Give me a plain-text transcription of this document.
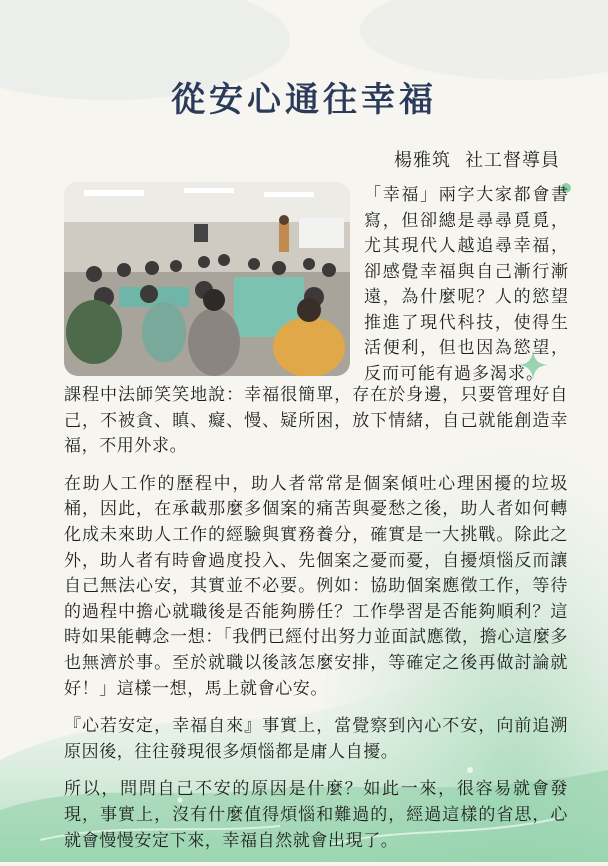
從安心通往幸福
楊雅筑 社工督導員
「幸福」兩字大家都會書寫，但卻總是尋尋覓覓，尤其現代人越追尋幸福，卻感覺幸福與自己漸行漸遠，為什麼呢？人的慾望推進了現代科技，使得生活便利，但也因為慾望，反而可能有過多渴求。

課程中法師笑笑地說：幸福很簡單，存在於身邊，只要管理好自己，不被貪、瞋、癡、慢、疑所困，放下情緒，自己就能創造幸福，不用外求。

在助人工作的歷程中，助人者常常是個案傾吐心理困擾的垃圾桶，因此，在承載那麼多個案的痛苦與憂愁之後，助人者如何轉化成未來助人工作的經驗與實務養分，確實是一大挑戰。除此之外，助人者有時會過度投入、先個案之憂而憂，自擾煩惱反而讓自己無法心安，其實並不必要。例如：協助個案應徵工作，等待的過程中擔心就職後是否能夠勝任？工作學習是否能夠順利？這時如果能轉念一想：「我們已經付出努力並面試應徵，擔心這麼多也無濟於事。至於就職以後該怎麼安排，等確定之後再做討論就好！」這樣一想，馬上就會心安。

『心若安定，幸福自來』事實上，當覺察到內心不安，向前追溯原因後，往往發現很多煩惱都是庸人自擾。

所以，問問自己不安的原因是什麼？如此一來，很容易就會發現，事實上，沒有什麼值得煩惱和難過的，經過這樣的省思，心就會慢慢安定下來，幸福自然就會出現了。
